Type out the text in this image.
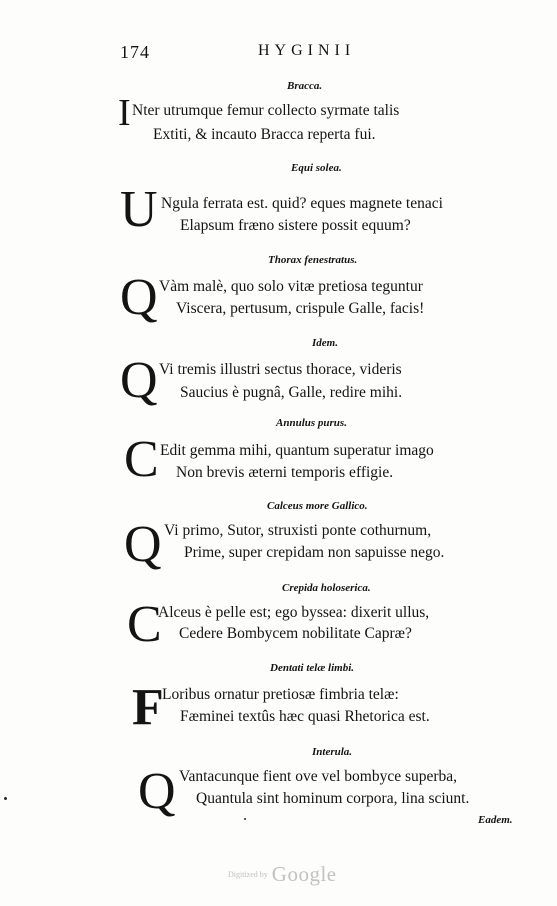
174	HYGINII
Bracca.
I Nter utrumque femur collecto syrmate talis
Extiti, & incauto Bracca reperta fui.
Equi solea.
U Ngula ferrata est. quid? eques magnete tenaci
Elapsum fræno sistere possit equum?
Thorax fenestratus.
Q Vàm malè, quo solo vitæ pretiosa teguntur
Viscera, pertusum, crispule Galle, facis!
Idem.
Q Vi tremis illustri sectus thorace, videris
Saucius è pugnâ, Galle, redire mihi.
Annulus purus.
C Edit gemma mihi, quantum superatur imago
Non brevis æterni temporis effigie.
Calceus more Gallico.
Q Vi primo, Sutor, struxisti ponte cothurnum,
Prime, super crepidam non sapuisse nego.
Crepida holoserica.
C
Alceus è pelle est; ego byssea: dixerit ullus,
Cedere Bombycem nobilitate Capræ?
Dentati telæ limbi.
F
Loribus ornatur pretiosæ fimbria telæ:
Fæminei textûs hæc quasi Rhetorica est.
Interula.
Q Vantacunque fient ove vel bombyce superba,
Quantula sint hominum corpora, lina sciunt.
Eadem.
Digitized by Google
